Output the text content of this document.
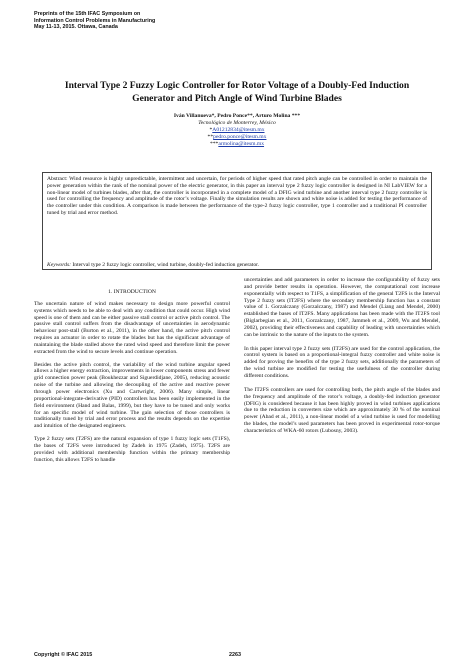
Preprints of the 15th IFAC Symposium on
Information Control Problems in Manufacturing
May 11-13, 2015. Ottawa, Canada
Interval Type 2 Fuzzy Logic Controller for Rotor Voltage of a Doubly-Fed Induction
Generator and Pitch Angle of Wind Turbine Blades
Iván Villanueva*, Pedro Ponce**, Arturo Molina ***
Tecnológico de Monterrey, México
*A01212834@itesm.mx
**pedro.ponce@itesm.mx
***armolina@itesm.mx
Abstract: Wind resource is highly unpredictable, intermittent and uncertain, for periods of higher speed that rated pitch angle can be controlled in order to maintain the power generation within the rank of the nominal power of the electric generator, in this paper an interval type 2 fuzzy logic controller is designed in NI LabVIEW for a non-linear model of turbines blades, after that, the controller is incorporated in a complete model of a DFIG wind turbine and another interval type 2 fuzzy controller is used for controlling the frequency and amplitude of the rotor’s voltage. Finally the simulation results are shown and white noise is added for testing the performance of the controller under this condition. A comparison is made between the performance of the type-2 fuzzy logic controller, type 1 controller and a traditional PI controller tuned by trial and error method.
Keywords: Interval type 2 fuzzy logic controller, wind turbine, doubly-fed induction generator.
1. INTRODUCTION

The uncertain nature of wind makes necessary to design more powerful control systems which needs to be able to deal with any condition that could occur. High wind speed is one of them and can be either passive stall control or active pitch control. The passive stall control suffers from the disadvantage of uncertainties in aerodynamic behaviour post-stall (Burton et al., 2011), in the other hand, the active pitch control requires an actuator in order to rotate the blades but has the significant advantage of maintaining the blade stalled above the rated wind speed and therefore limit the power extracted from the wind to secure levels and continue operation.

Besides the active pitch control, the variability of the wind turbine angular speed allows a higher energy extraction, improvements in lower components stress and fewer grid connection power peak (Boukhezzar and Siguerdidjane, 2005), reducing acoustic noise of the turbine and allowing the decoupling of the active and reactive power through power electronics (Xu and Cartwright, 2006). Many simple, linear proportional-integrate-derivative (PID) controllers has been easily implemented in the field environment (Hand and Balas, 1999), but they have to be tuned and only works for an specific model of wind turbine. The gain selection of those controllers is traditionally tuned by trial and error process and the results depends on the expertise and intuition of the designated engineers.

Type 2 fuzzy sets (T2FS) are the natural expansion of type 1 fuzzy logic sets (T1FS), the bases of T2FS were introduced by Zadeh in 1975 (Zadeh, 1975). T2FS are provided with additional membership function within the primary membership function, this allows T2FS to handle

uncertainties and add parameters in order to increase the configurability of fuzzy sets and provide better results in operation. However, the computational cost increase exponentially with respect to T1FS, a simplification of the general T2FS is the Interval Type 2 fuzzy sets (IT2FS) where the secondary membership function has a constant value of 1. Gorzalczany (Gorzalczany, 1987) and Mendel (Liang and Mendel, 2000) established the bases of IT2FS. Many applications has been made with the IT2FS tool (Biglarbegian et al., 2011, Gorzalczany, 1987, Jammeh et al., 2009, Wu and Mendel, 2002), providing their effectiveness and capability of leading with uncertainties which can be intrinsic to the nature of the inputs to the system.

In this paper interval type 2 fuzzy sets (IT2FS) are used for the control application, the control system is based on a proportional-integral fuzzy controller and white noise is added for proving the benefits of the type 2 fuzzy sets, additionally the parameters of the wind turbine are modified for testing the usefulness of the controller during different conditions.

The IT2FS controllers are used for controlling both, the pitch angle of the blades and the frequency and amplitude of the rotor’s voltage, a doubly-fed induction generator (DFIG) is considered because it has been highly proved in wind turbines applications due to the reduction in converters size which are approximately 30 % of the nominal power (Abad et al., 2011), a non-linear model of a wind turbine is used for modelling the blades, the model’s used parameters has been proved in experimental rotor-torque characteristics of WKA-60 rotors (Lubosny, 2003).

Copyright © IFAC 2015	2263
